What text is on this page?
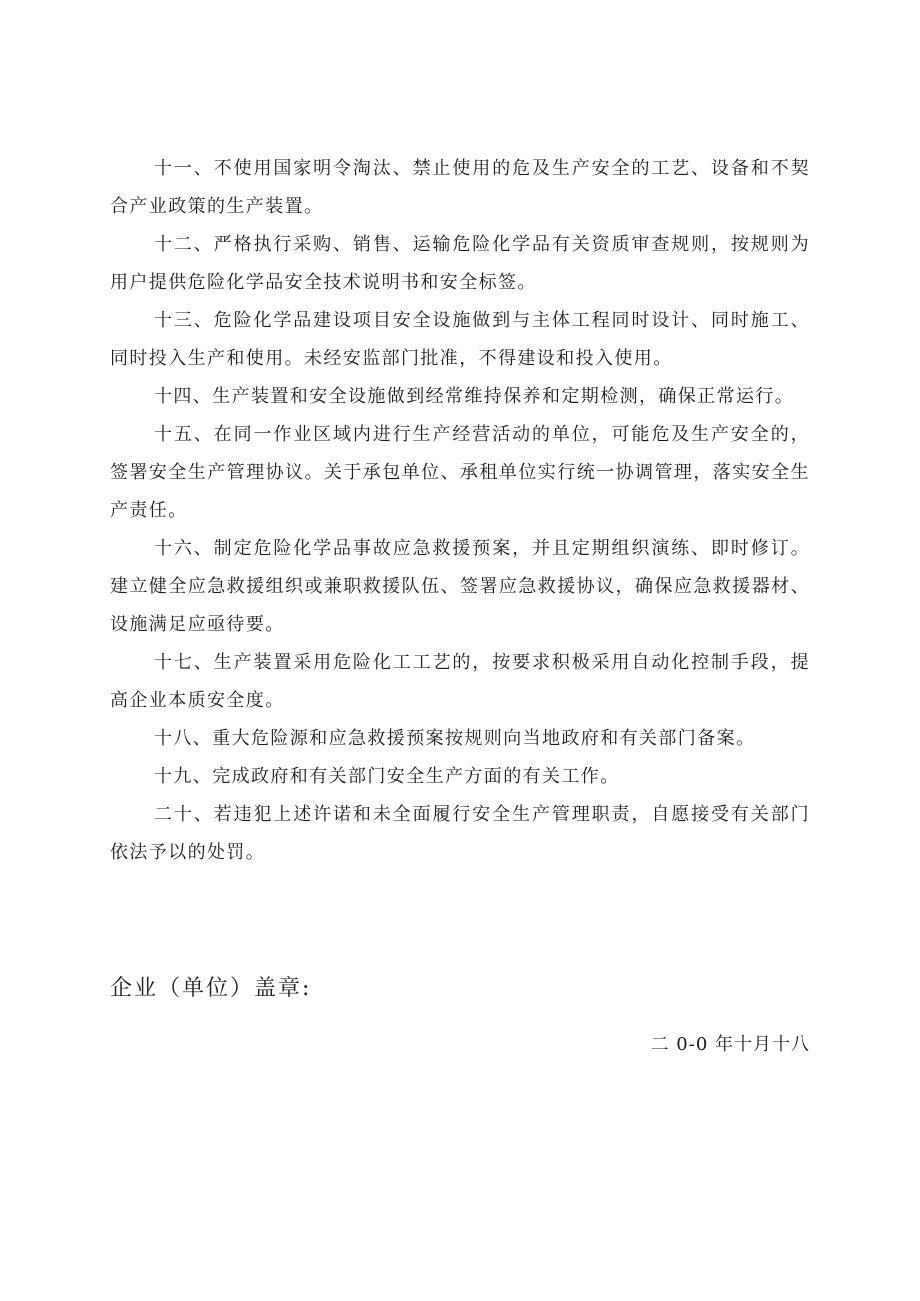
十一、不使用国家明令淘汰、禁止使用的危及生产安全的工艺、设备和不契合产业政策的生产装置。

十二、严格执行采购、销售、运输危险化学品有关资质审查规则，按规则为用户提供危险化学品安全技术说明书和安全标签。

十三、危险化学品建设项目安全设施做到与主体工程同时设计、同时施工、同时投入生产和使用。未经安监部门批准，不得建设和投入使用。

十四、生产装置和安全设施做到经常维持保养和定期检测，确保正常运行。

十五、在同一作业区域内进行生产经营活动的单位，可能危及生产安全的，签署安全生产管理协议。关于承包单位、承租单位实行统一协调管理，落实安全生产责任。

十六、制定危险化学品事故应急救援预案，并且定期组织演练、即时修订。建立健全应急救援组织或兼职救援队伍、签署应急救援协议，确保应急救援器材、设施满足应亟待要。

十七、生产装置采用危险化工工艺的，按要求积极采用自动化控制手段，提高企业本质安全度。

十八、重大危险源和应急救援预案按规则向当地政府和有关部门备案。

十九、完成政府和有关部门安全生产方面的有关工作。

二十、若违犯上述许诺和未全面履行安全生产管理职责，自愿接受有关部门依法予以的处罚。

企业（单位）盖章:
二 0-0 年十月十八
